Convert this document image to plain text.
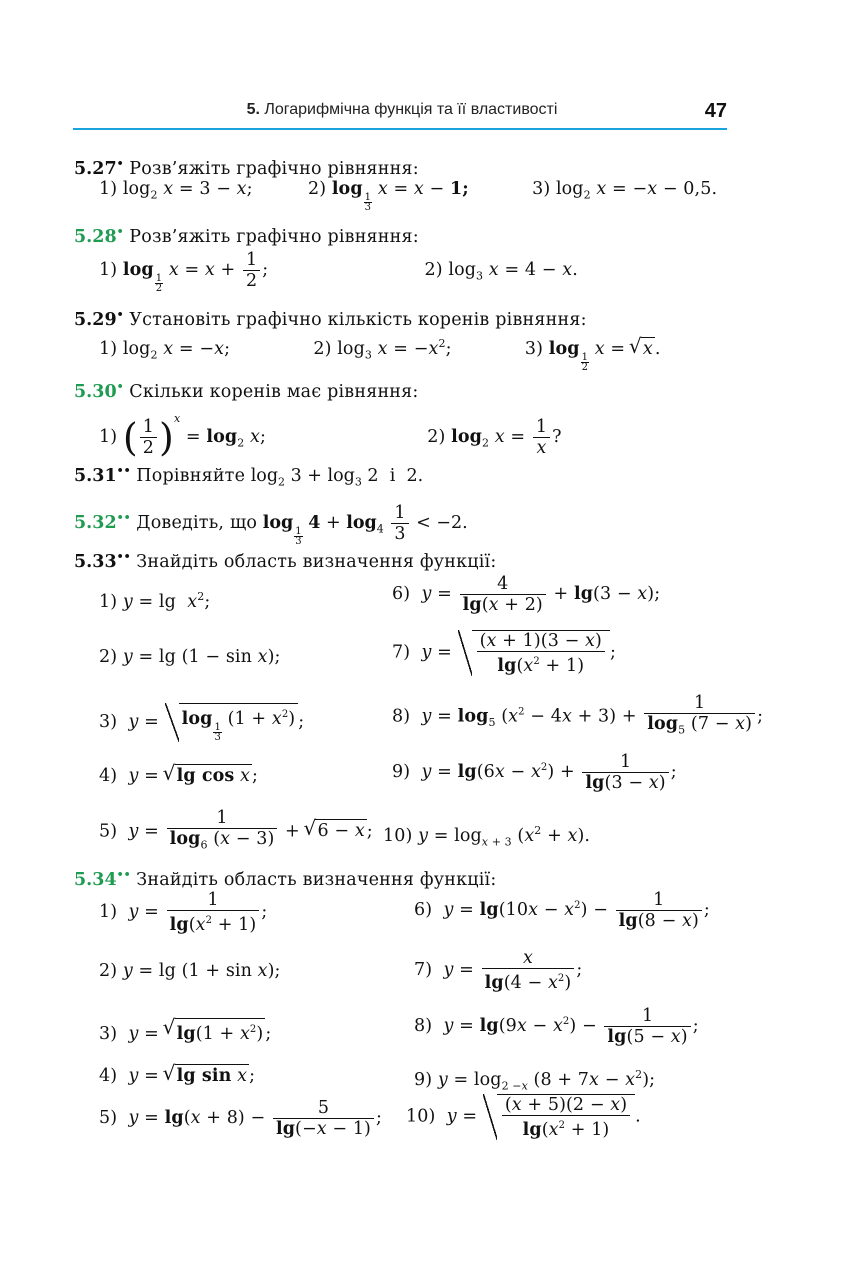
5. Логарифмічна функція та її властивості	47
5.27• Розв’яжіть графічно рівняння:
1) $\log_2 x = 3 - x$;	2) log
$\frac{1}{3}$
x = x − 1;	3) $\log_2 x = -x - 0,5$.
5.28• Розв’яжіть графічно рівняння:
1) log
$\frac{1}{2}$
$x = x + \frac{1}{2}$ ;	2) $\log_3 x = 4 - x$.
5.29• Установіть графічно кількість коренів рівняння:
1) $\log_2 x = -x$;	2) $\log_3 x = -x^2$;	3) log
$\frac{1}{2}$
x = √ x .
5.30• Скільки коренів має рівняння:
1) ( $\frac{1}{2} )^x = \log_2 x$;	2) $\log_2 x = \frac{1}{x}$ ?
5.31•• Порівняйте $\log_2 3 + \log_3 2$  і 2.
5.32•• Доведіть, що log
$\frac{1}{3}$
$4 + \log_4 \frac{1}{3} < -2$.
5.33•• Знайдіть область визначення функції:
1) $y = \lg x^2$;	6)  $y = \frac{4}{\lg(x + 2)} + \lg(3 - x)$;
2) y = lg (1 − sin x);	7)  $y = \frac{(x + 1)(3 - x)}{\lg(x^2 + 1)}$ ;
3)  y = log
$\frac{1}{3}$
$(1 + x^2)$ ;	8)  $y = \log_5 (x^2 - 4x + 3) + \frac{1}{\log_5 (7 - x)}$ ;
4)  y = √ lg cos x ;	9)  $y = \lg(6x - x^2) + \frac{1}{\lg(3 - x)}$ ;
5)  $y = \frac{1}{\log_6 (x - 3)}$ + √ 6 − x ; 10) $y = \log_{x + 3} (x^2 + x)$.
5.34•• Знайдіть область визначення функції:
1)  $y = \frac{1}{\lg(x^2 + 1)}$ ;	6)  $y = \lg(10x - x^2) - \frac{1}{\lg(8 - x)}$ ;
2) y = lg (1 + sin x);	7)  $y = \frac{x}{\lg(4 - x^2)}$ ;
3)  y = √ $\lg(1 + x^2)$ ;	8)  $y = \lg(9x - x^2) - \frac{1}{\lg(5 - x)}$ ;
4)  y = √ lg sin x ;	9) $y = \log_{2 -x} (8 + 7x - x^2)$;
5)  $y = \lg(x + 8) - \frac{5}{\lg(-x - 1)}$ ; 10)  $y = \frac{(x + 5)(2 - x)}{\lg(x^2 + 1)}$ .
